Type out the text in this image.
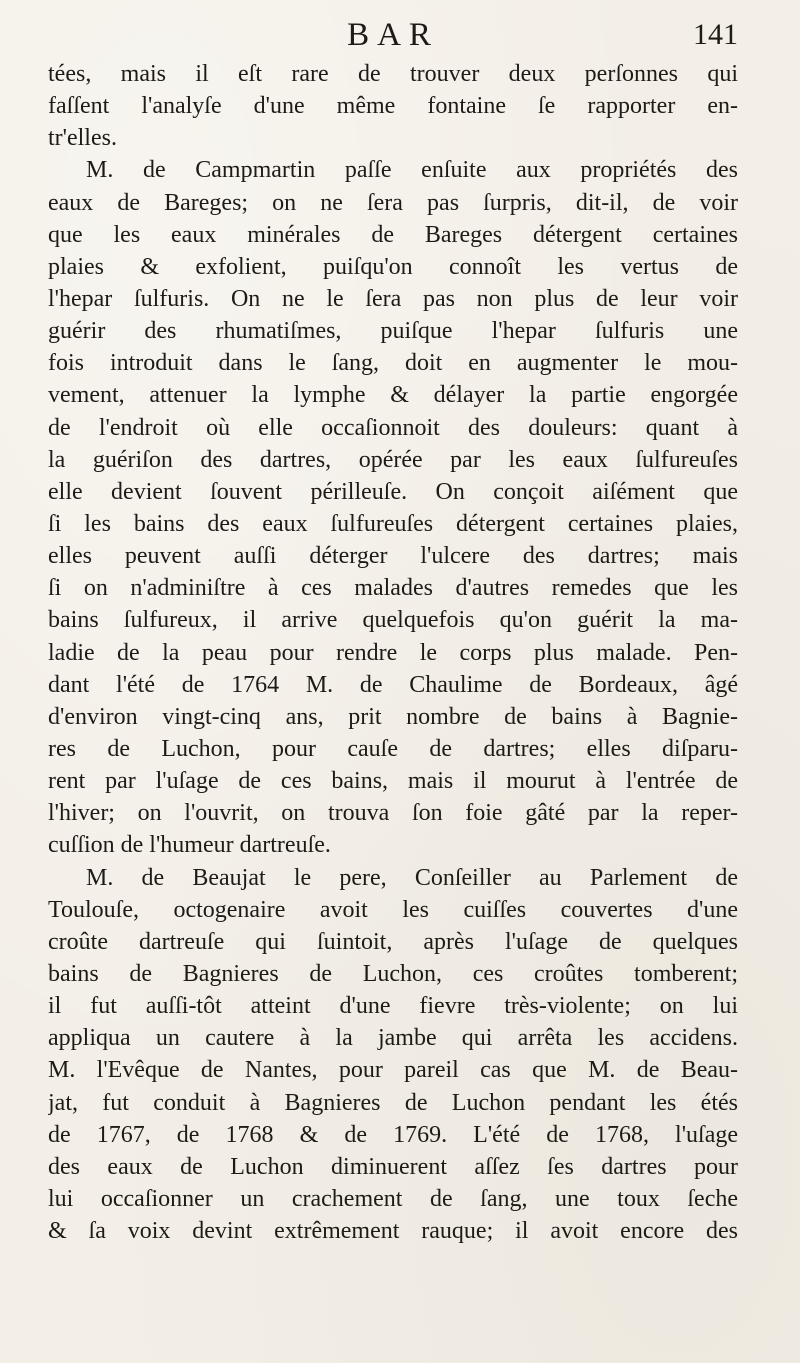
BAR	141
tées, mais il eſt rare de trouver deux perſonnes qui
faſſent l'analyſe d'une même fontaine ſe rapporter en-
tr'elles.
M. de Campmartin paſſe enſuite aux propriétés des
eaux de Bareges; on ne ſera pas ſurpris, dit-il, de voir
que les eaux minérales de Bareges détergent certaines
plaies & exfolient, puiſqu'on connoît les vertus de
l'hepar ſulfuris. On ne le ſera pas non plus de leur voir
guérir des rhumatiſmes, puiſque l'hepar ſulfuris une
fois introduit dans le ſang, doit en augmenter le mou-
vement, attenuer la lymphe & délayer la partie engorgée
de l'endroit où elle occaſionnoit des douleurs: quant à
la guériſon des dartres, opérée par les eaux ſulfureuſes
elle devient ſouvent périlleuſe. On conçoit aiſément que
ſi les bains des eaux ſulfureuſes détergent certaines plaies,
elles peuvent auſſi déterger l'ulcere des dartres; mais
ſi on n'adminiſtre à ces malades d'autres remedes que les
bains ſulfureux, il arrive quelquefois qu'on guérit la ma-
ladie de la peau pour rendre le corps plus malade. Pen-
dant l'été de 1764 M. de Chaulime de Bordeaux, âgé
d'environ vingt-cinq ans, prit nombre de bains à Bagnie-
res de Luchon, pour cauſe de dartres; elles diſparu-
rent par l'uſage de ces bains, mais il mourut à l'entrée de
l'hiver; on l'ouvrit, on trouva ſon foie gâté par la reper-
cuſſion de l'humeur dartreuſe.
M. de Beaujat le pere, Conſeiller au Parlement de
Toulouſe, octogenaire avoit les cuiſſes couvertes d'une
croûte dartreuſe qui ſuintoit, après l'uſage de quelques
bains de Bagnieres de Luchon, ces croûtes tomberent;
il fut auſſi-tôt atteint d'une fievre très-violente; on lui
appliqua un cautere à la jambe qui arrêta les accidens.
M. l'Evêque de Nantes, pour pareil cas que M. de Beau-
jat, fut conduit à Bagnieres de Luchon pendant les étés
de 1767, de 1768 & de 1769. L'été de 1768, l'uſage
des eaux de Luchon diminuerent aſſez ſes dartres pour
lui occaſionner un crachement de ſang, une toux ſeche
& ſa voix devint extrêmement rauque; il avoit encore des
